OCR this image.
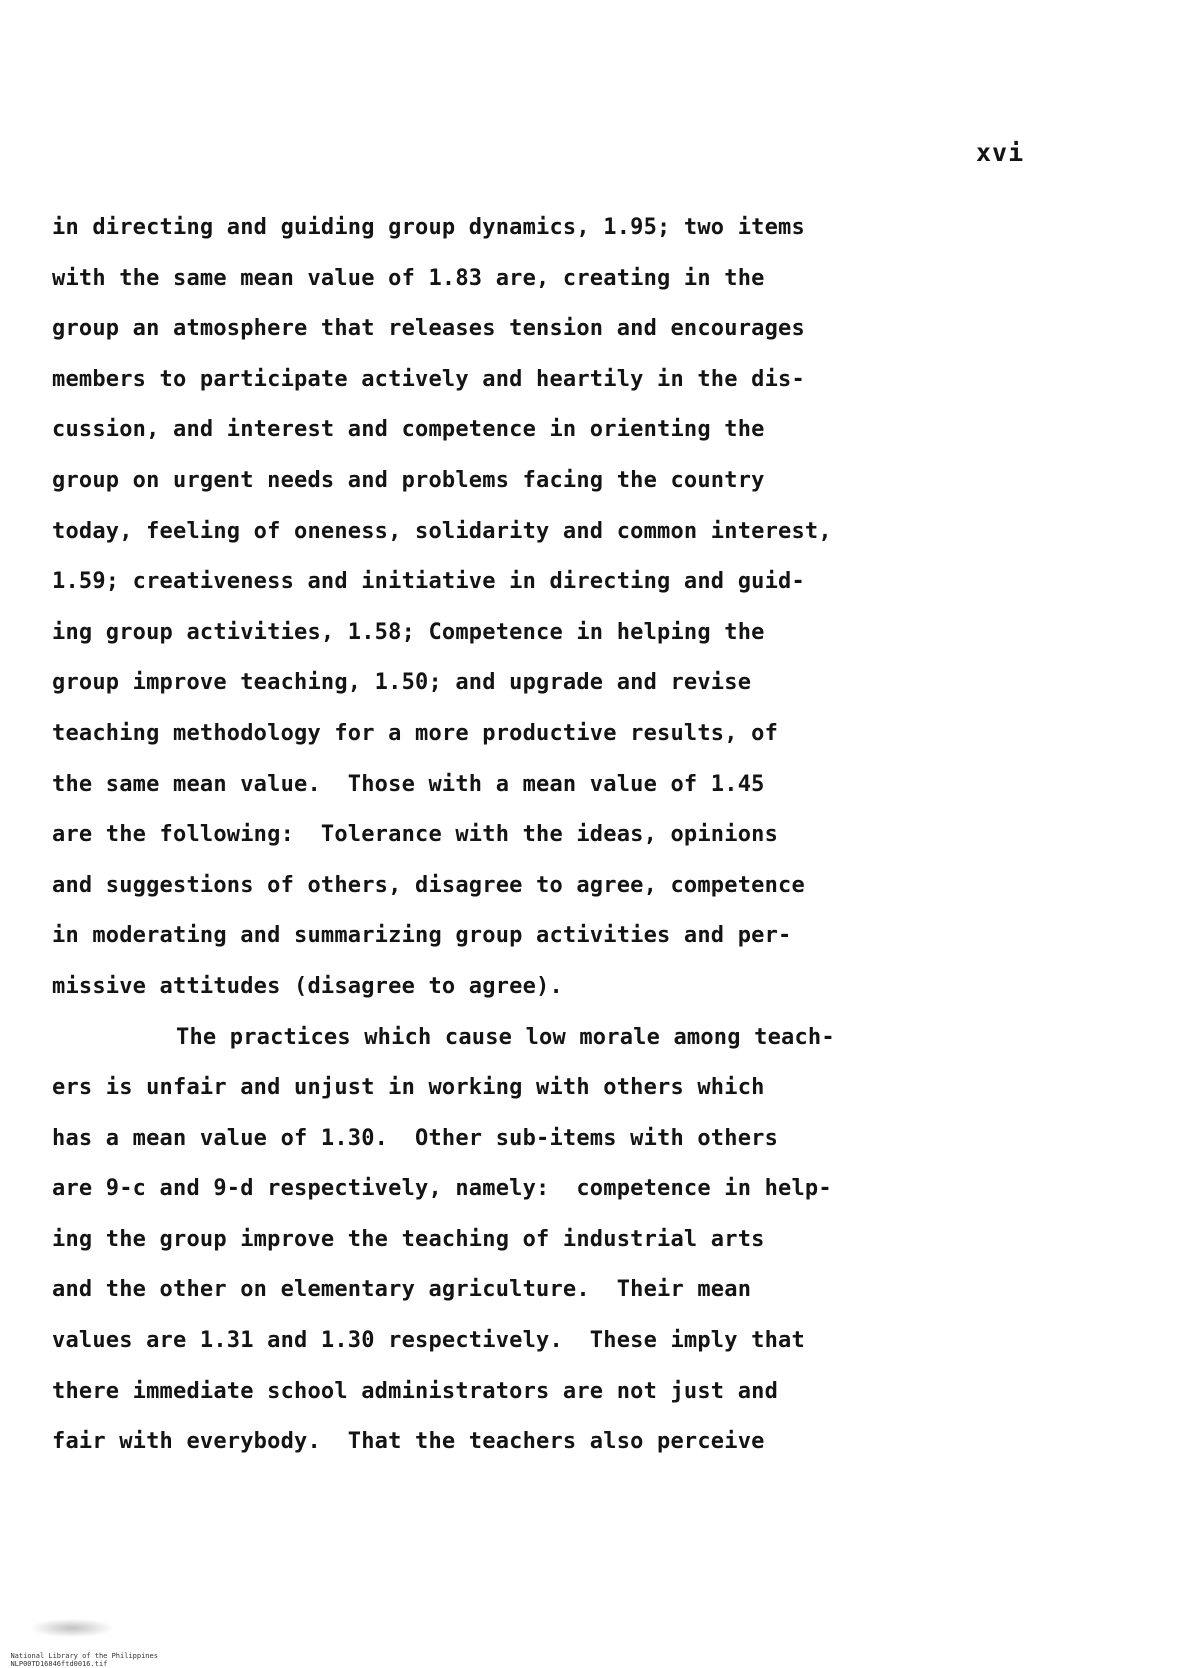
xvi
in directing and guiding group dynamics, 1.95; two items
with the same mean value of 1.83 are, creating in the
group an atmosphere that releases tension and encourages
members to participate actively and heartily in the dis-
cussion, and interest and competence in orienting the
group on urgent needs and problems facing the country
today, feeling of oneness, solidarity and common interest,
1.59; creativeness and initiative in directing and guid-
ing group activities, 1.58; Competence in helping the
group improve teaching, 1.50; and upgrade and revise
teaching methodology for a more productive results, of
the same mean value.  Those with a mean value of 1.45
are the following:  Tolerance with the ideas, opinions
and suggestions of others, disagree to agree, competence
in moderating and summarizing group activities and per-
missive attitudes (disagree to agree).
The practices which cause low morale among teach-
ers is unfair and unjust in working with others which
has a mean value of 1.30.  Other sub-items with others
are 9-c and 9-d respectively, namely:  competence in help-
ing the group improve the teaching of industrial arts
and the other on elementary agriculture.  Their mean
values are 1.31 and 1.30 respectively.  These imply that
there immediate school administrators are not just and
fair with everybody.  That the teachers also perceive

National Library of the Philippines
NLP00TD16846ftd0016.tif
